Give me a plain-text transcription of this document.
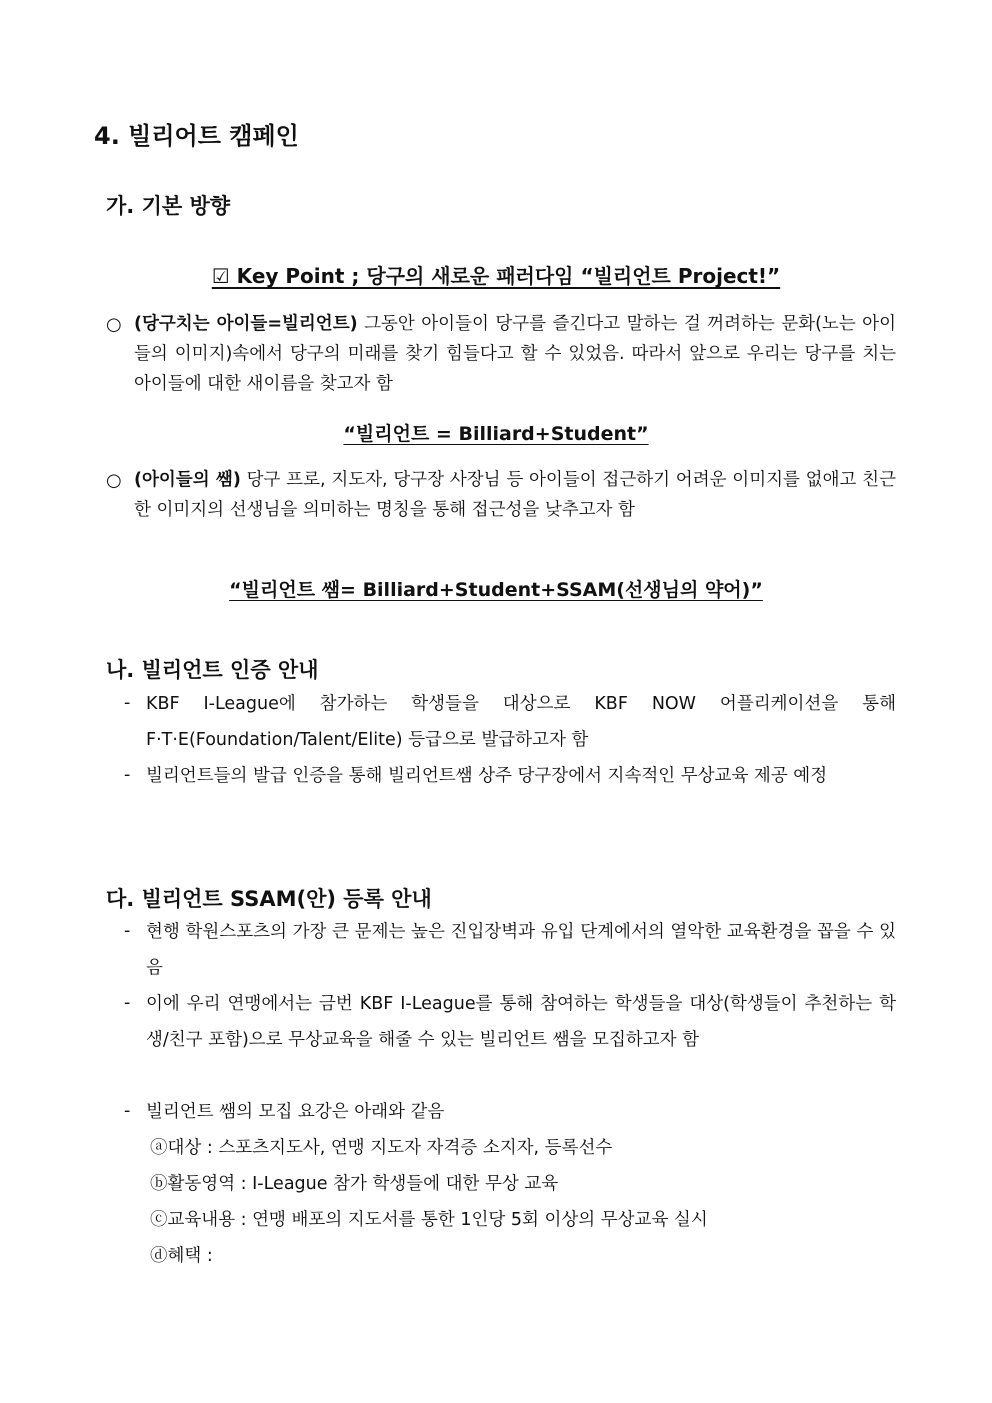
4. 빌리어트 캠페인
가. 기본 방향
☑ Key Point ; 당구의 새로운 패러다임 “빌리언트 Project!”
○ (당구치는 아이들=빌리언트) 그동안 아이들이 당구를 즐긴다고 말하는 걸 꺼려하는 문화(노는 아이들의 이미지)속에서 당구의 미래를 찾기 힘들다고 할 수 있었음. 따라서 앞으로 우리는 당구를 치는 아이들에 대한 새이름을 찾고자 함
“빌리언트 = Billiard+Student”
○ (아이들의 쌤) 당구 프로, 지도자, 당구장 사장님 등 아이들이 접근하기 어려운 이미지를 없애고 친근한 이미지의 선생님을 의미하는 명칭을 통해 접근성을 낮추고자 함
“빌리언트 쌤= Billiard+Student+SSAM(선생님의 약어)”
나. 빌리언트 인증 안내
- KBF I-League에 참가하는 학생들을 대상으로 KBF NOW 어플리케이션을 통해 F·T·E(Foundation/Talent/Elite) 등급으로 발급하고자 함
- 빌리언트들의 발급 인증을 통해 빌리언트쌤 상주 당구장에서 지속적인 무상교육 제공 예정
다. 빌리언트 SSAM(안) 등록 안내
- 현행 학원스포츠의 가장 큰 문제는 높은 진입장벽과 유입 단계에서의 열악한 교육환경을 꼽을 수 있음
- 이에 우리 연맹에서는 금번 KBF I-League를 통해 참여하는 학생들을 대상(학생들이 추천하는 학생/친구 포함)으로 무상교육을 해줄 수 있는 빌리언트 쌤을 모집하고자 함
- 빌리언트 쌤의 모집 요강은 아래와 같음
ⓐ대상 : 스포츠지도사, 연맹 지도자 자격증 소지자, 등록선수
ⓑ활동영역 : I-League 참가 학생들에 대한 무상 교육
ⓒ교육내용 : 연맹 배포의 지도서를 통한 1인당 5회 이상의 무상교육 실시
ⓓ혜택 :
